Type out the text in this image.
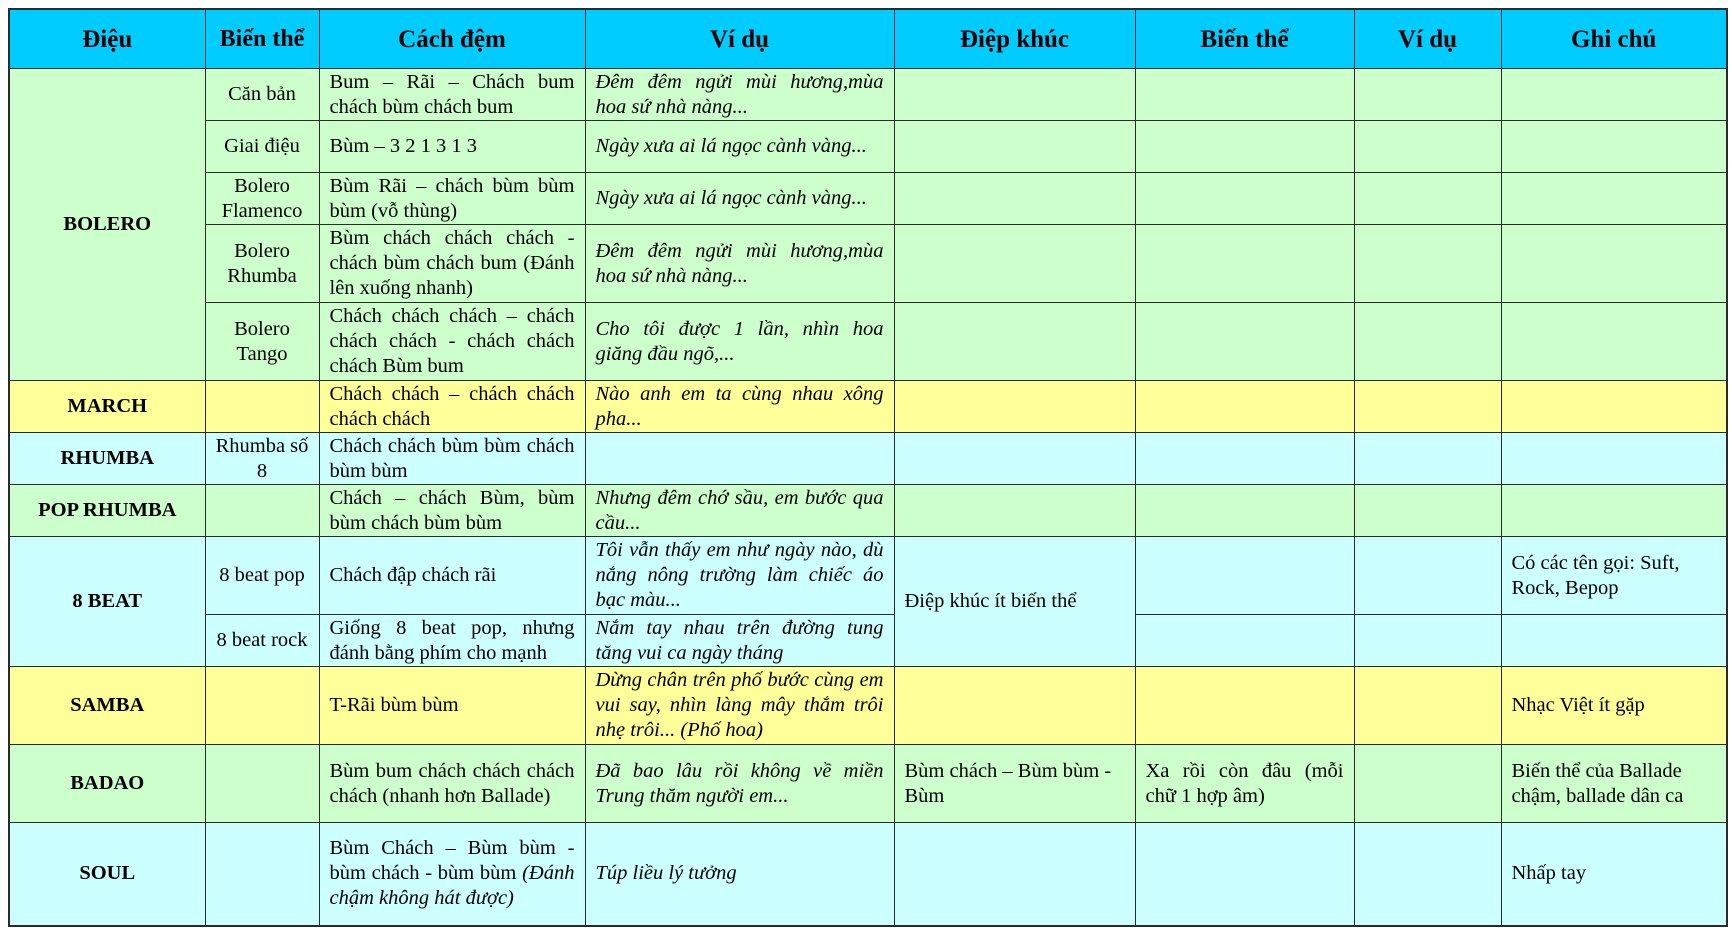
Điệu	Biến thể	Cách đệm	Ví dụ	Điệp khúc	Biến thể	Ví dụ	Ghi chú
BOLERO	Căn bản	Bum – Rãi – Chách bum chách bùm chách bum	Đêm đêm ngửi mùi hương,mùa hoa sứ nhà nàng...				
	Giai điệu	Bùm – 3 2 1 3 1 3	Ngày xưa ai lá ngọc cành vàng...				
	Bolero Flamenco	Bùm Rãi – chách bùm bùm bùm (vỗ thùng)	Ngày xưa ai lá ngọc cành vàng...				
	Bolero Rhumba	Bùm chách chách chách - chách bùm chách bum (Đánh lên xuống nhanh)	Đêm đêm ngửi mùi hương,mùa hoa sứ nhà nàng...				
	Bolero Tango	Chách chách chách – chách chách chách - chách chách chách Bùm bum	Cho tôi được 1 lần, nhìn hoa giăng đầu ngõ,...				
MARCH		Chách chách – chách chách chách chách	Nào anh em ta cùng nhau xông pha...				
RHUMBA	Rhumba số 8	Chách chách bùm bùm chách bùm bùm					
POP RHUMBA		Chách – chách Bùm, bùm bùm chách bùm bùm	Nhưng đêm chớ sầu, em bước qua cầu...				
8 BEAT	8 beat pop	Chách đập chách rãi	Tôi vẫn thấy em như ngày nào, dù nắng nông trường làm chiếc áo bạc màu...	Điệp khúc ít biến thể			Có các tên gọi: Suft, Rock, Bepop
	8 beat rock	Giống 8 beat pop, nhưng đánh bằng phím cho mạnh	Nắm tay nhau trên đường tung tăng vui ca ngày tháng				
SAMBA		T-Rãi bùm bùm	Dừng chân trên phố bước cùng em vui say, nhìn làng mây thắm trôi nhẹ trôi... (Phố hoa)				Nhạc Việt ít gặp
BADAO		Bùm bum chách chách chách chách (nhanh hơn Ballade)	Đã bao lâu rồi không về miền Trung thăm người em...	Bùm chách – Bùm bùm - Bùm	Xa rồi còn đâu (mỗi chữ 1 hợp âm)		Biến thể của Ballade chậm, ballade dân ca
SOUL		Bùm Chách – Bùm bùm - bùm chách - bùm bùm (Đánh chậm không hát được)	Túp liều lý tưởng				Nhấp tay
